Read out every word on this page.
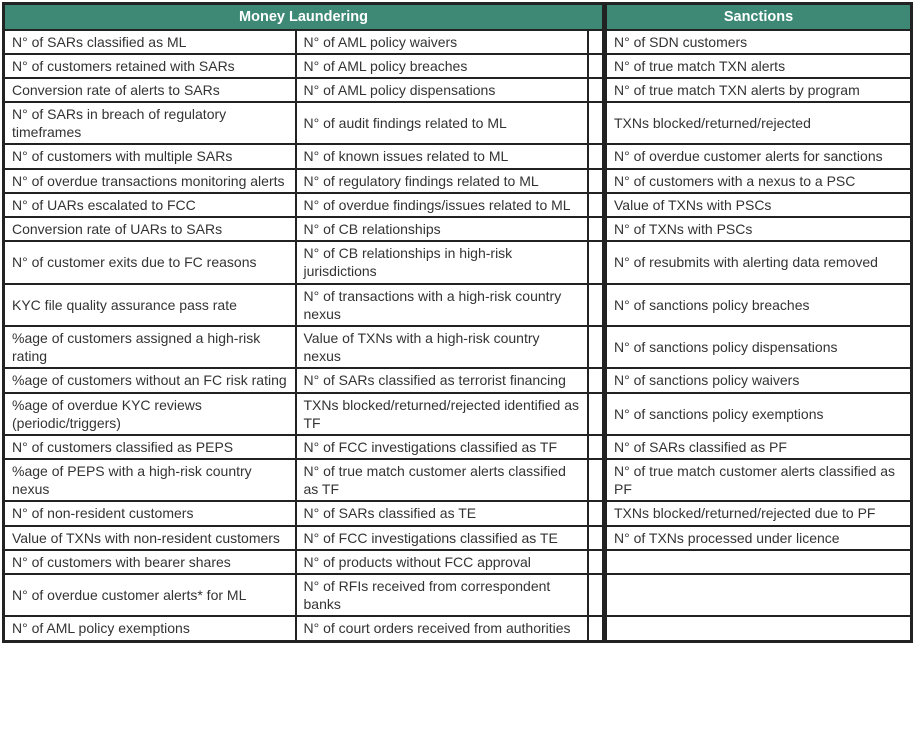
Money Laundering			Sanctions
N° of SARs classified as ML	N° of AML policy waivers		N° of SDN customers
N° of customers retained with SARs	N° of AML policy breaches		N° of true match TXN alerts
Conversion rate of alerts to SARs	N° of AML policy dispensations		N° of true match TXN alerts by program
N° of SARs in breach of regulatory timeframes	N° of audit findings related to ML		TXNs blocked/returned/rejected
N° of customers with multiple SARs	N° of known issues related to ML		N° of overdue customer alerts for sanctions
N° of overdue transactions monitoring alerts	N° of regulatory findings related to ML		N° of customers with a nexus to a PSC
N° of UARs escalated to FCC	N° of overdue findings/issues related to ML		Value of TXNs with PSCs
Conversion rate of UARs to SARs	N° of CB relationships		N° of TXNs with PSCs
N° of customer exits due to FC reasons	N° of CB relationships in high-risk jurisdictions		N° of resubmits with alerting data removed
KYC file quality assurance pass rate	N° of transactions with a high-risk country nexus		N° of sanctions policy breaches
%age of customers assigned a high-risk rating	Value of TXNs with a high-risk country nexus		N° of sanctions policy dispensations
%age of customers without an FC risk rating	N° of SARs classified as terrorist financing		N° of sanctions policy waivers
%age of overdue KYC reviews (periodic/triggers)	TXNs blocked/returned/rejected identified as TF		N° of sanctions policy exemptions
N° of customers classified as PEPS	N° of FCC investigations classified as TF		N° of SARs classified as PF
%age of PEPS with a high-risk country nexus	N° of true match customer alerts classified as TF		N° of true match customer alerts classified as PF
N° of non-resident customers	N° of SARs classified as TE		TXNs blocked/returned/rejected due to PF
Value of TXNs with non-resident customers	N° of FCC investigations classified as TE		N° of TXNs processed under licence
N° of customers with bearer shares	N° of products without FCC approval		
N° of overdue customer alerts* for ML	N° of RFIs received from correspondent banks		
N° of AML policy exemptions	N° of court orders received from authorities		
